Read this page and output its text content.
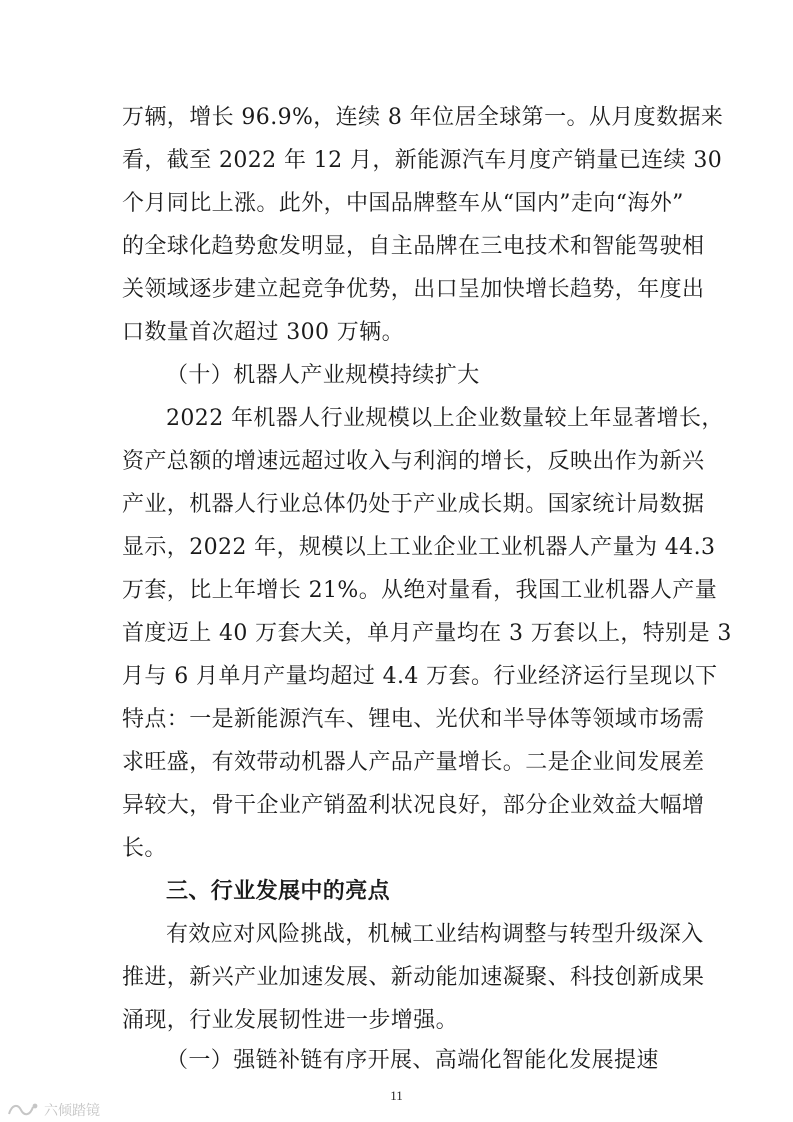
万辆，增长 96.9%，连续 8 年位居全球第一。从月度数据来
看，截至 2022 年 12 月，新能源汽车月度产销量已连续 30
个月同比上涨。此外，中国品牌整车从“国内”走向“海外”
的全球化趋势愈发明显，自主品牌在三电技术和智能驾驶相
关领域逐步建立起竞争优势，出口呈加快增长趋势，年度出
口数量首次超过 300 万辆。
（十）机器人产业规模持续扩大
2022 年机器人行业规模以上企业数量较上年显著增长，
资产总额的增速远超过收入与利润的增长，反映出作为新兴
产业，机器人行业总体仍处于产业成长期。国家统计局数据
显示，2022 年，规模以上工业企业工业机器人产量为 44.3
万套，比上年增长 21%。从绝对量看，我国工业机器人产量
首度迈上 40 万套大关，单月产量均在 3 万套以上，特别是 3
月与 6 月单月产量均超过 4.4 万套。行业经济运行呈现以下
特点：一是新能源汽车、锂电、光伏和半导体等领域市场需
求旺盛，有效带动机器人产品产量增长。二是企业间发展差
异较大，骨干企业产销盈利状况良好，部分企业效益大幅增
长。
三、行业发展中的亮点
有效应对风险挑战，机械工业结构调整与转型升级深入
推进，新兴产业加速发展、新动能加速凝聚、科技创新成果
涌现，行业发展韧性进一步增强。
（一）强链补链有序开展、高端化智能化发展提速
11
六倾踏镜
